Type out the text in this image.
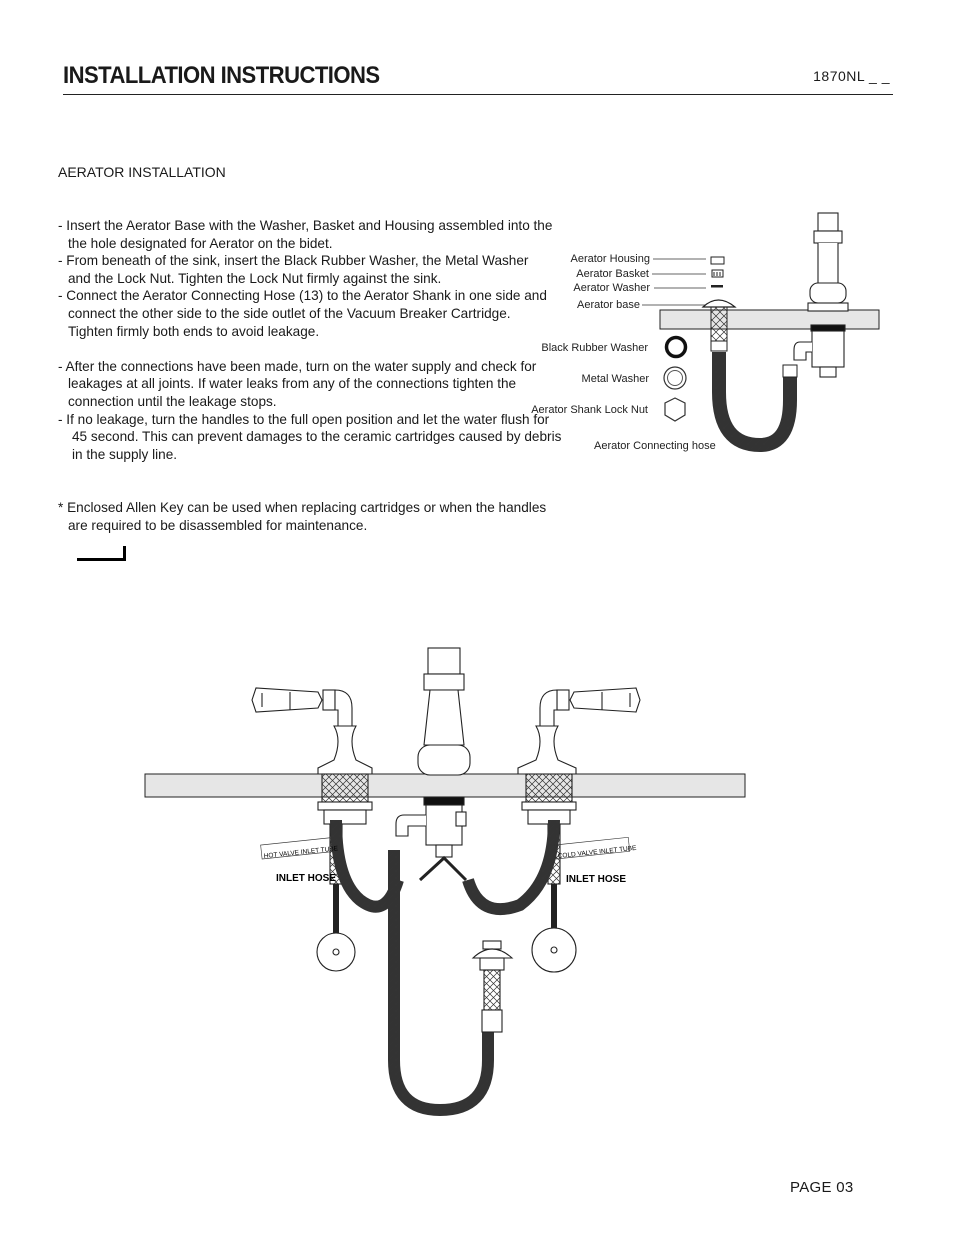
INSTALLATION INSTRUCTIONS	1870NL _ _
AERATOR INSTALLATION
- Insert the Aerator Base with the Washer, Basket and Housing assembled into the
the hole designated for Aerator on the bidet.
- From beneath of the sink, insert the Black Rubber Washer, the Metal Washer
and the Lock Nut. Tighten the Lock Nut firmly against the sink.
- Connect the Aerator Connecting Hose (13) to the Aerator Shank in one side and
connect the other side to the side outlet of the Vacuum Breaker Cartridge.
Tighten firmly both ends to avoid leakage.
- After the connections have been made, turn on the water supply and check for
leakages at all joints. If water leaks from any of the connections tighten the
connection until the leakage stops.
- If no leakage, turn the handles to the full open position and let the water flush for
45 second. This can prevent damages to the ceramic cartridges caused by debris
in the supply line.
* Enclosed Allen Key can be used when replacing cartridges or when the handles are required to be disassembled for maintenance.
Aerator Housing
Aerator Basket
Aerator Washer
Aerator base
Black Rubber Washer
Metal Washer
Aerator Shank Lock Nut
Aerator Connecting hose
HOT VALVE INLET TUBE	COLD VALVE INLET TUBE
INLET HOSE	INLET HOSE
PAGE 03
